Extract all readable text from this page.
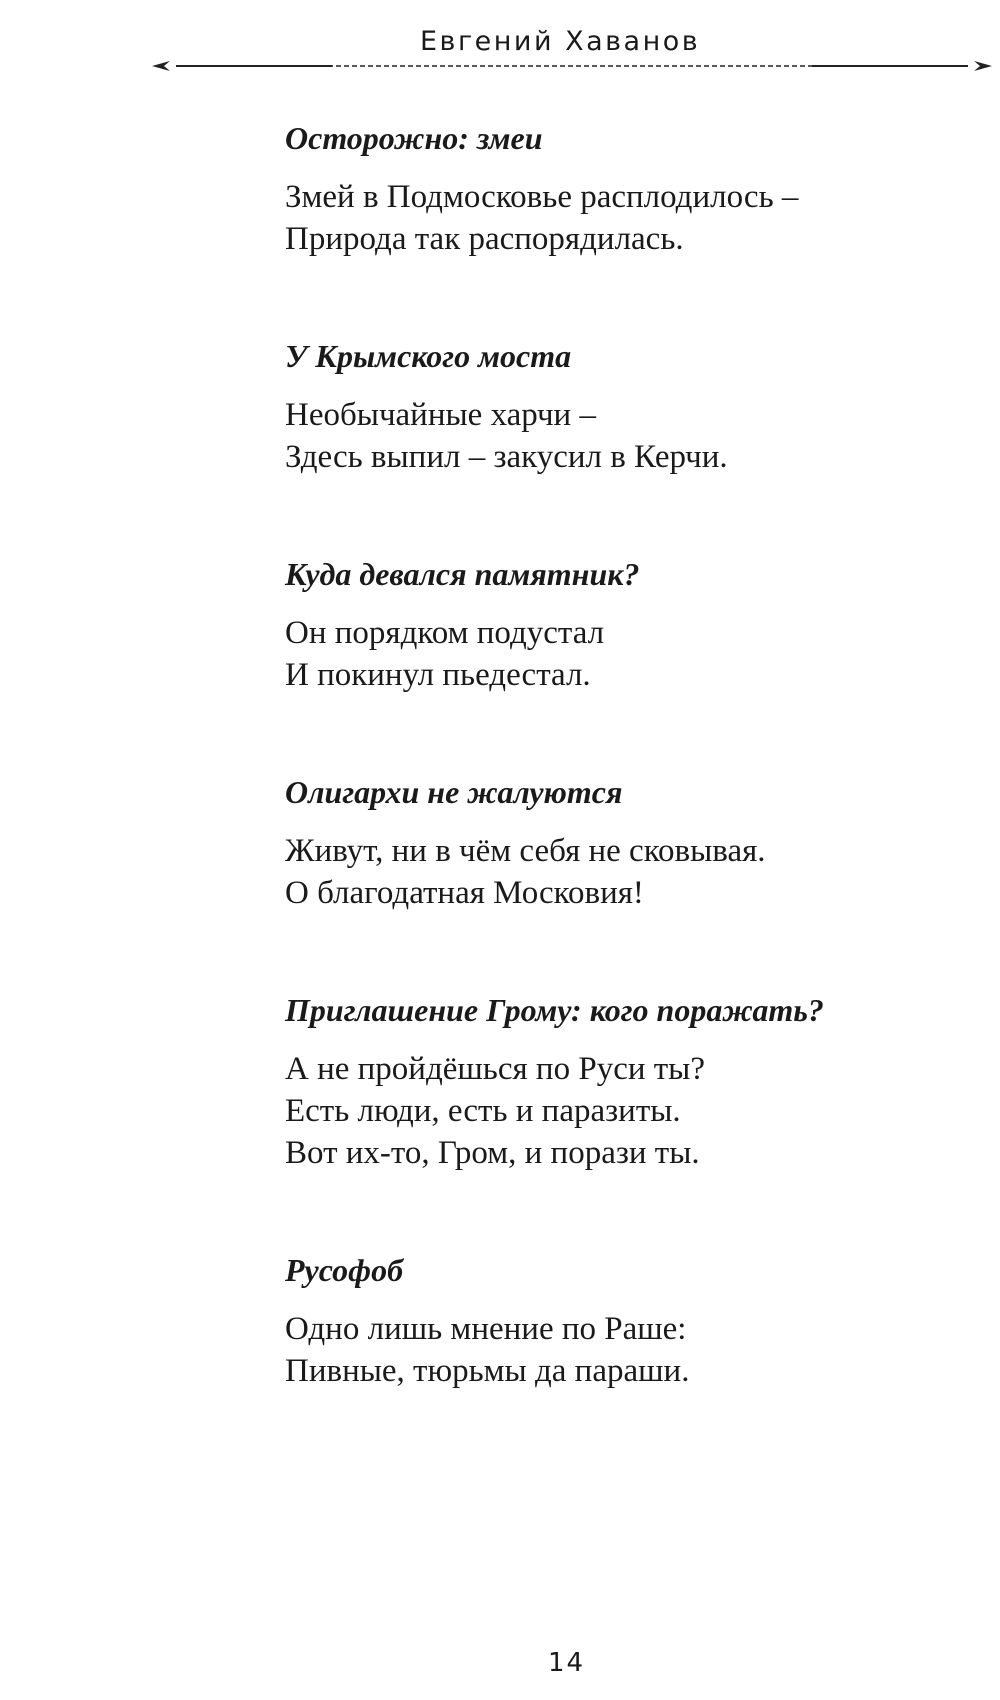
Евгений Хаванов
Осторожно: змеи

Змей в Подмосковье расплодилось –

Природа так распорядилась.

У Крымского моста

Необычайные харчи –

Здесь выпил – закусил в Керчи.

Куда девался памятник?

Он порядком подустал

И покинул пьедестал.

Олигархи не жалуются

Живут, ни в чём себя не сковывая.

О благодатная Московия!

Приглашение Грому: кого поражать?

А не пройдёшься по Руси ты?

Есть люди, есть и паразиты.

Вот их-то, Гром, и порази ты.

Русофоб

Одно лишь мнение по Раше:

Пивные, тюрьмы да параши.

14
